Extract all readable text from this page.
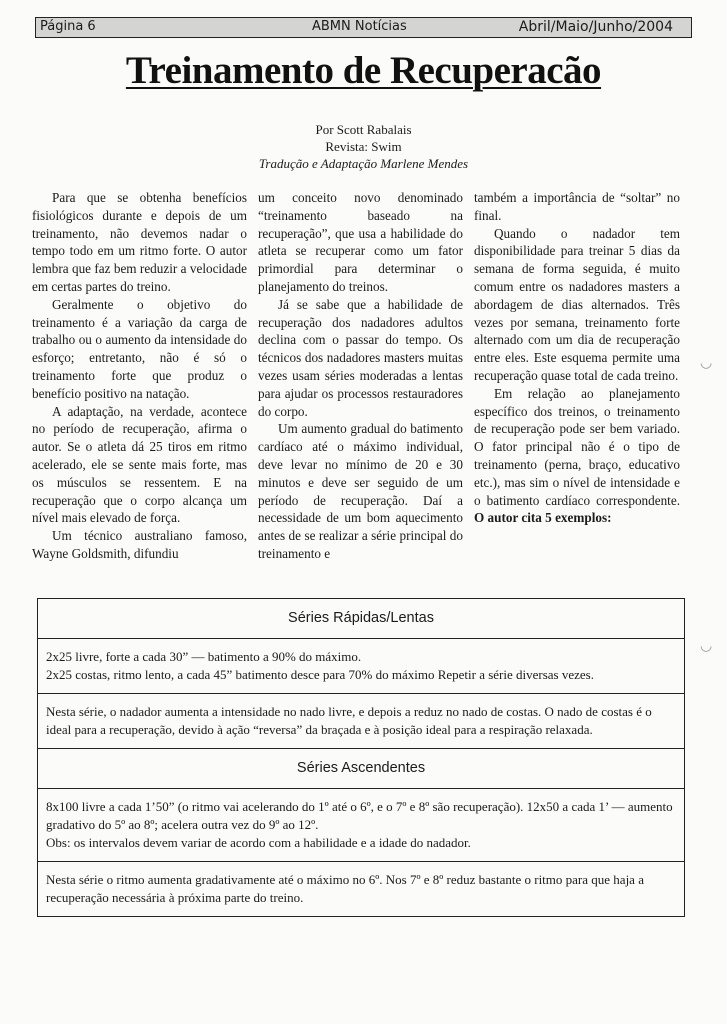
Página 6	ABMN Notícias	Abril/Maio/Junho/2004
Treinamento de Recuperacão
Por Scott Rabalais
Revista: Swim
Tradução e Adaptação Marlene Mendes

Para que se obtenha benefícios fisiológicos durante e depois de um treinamento, não devemos nadar o tempo todo em um ritmo forte. O autor lembra que faz bem reduzir a velocidade em certas partes do treino.

Geralmente o objetivo do treinamento é a variação da carga de trabalho ou o aumento da intensidade do esforço; entretanto, não é só o treinamento forte que produz o benefício positivo na natação.

A adaptação, na verdade, acontece no período de recuperação, afirma o autor. Se o atleta dá 25 tiros em ritmo acelerado, ele se sente mais forte, mas os músculos se ressentem. E na recuperação que o corpo alcança um nível mais elevado de força.

Um técnico australiano famoso, Wayne Goldsmith, difundiu

um conceito novo denominado “treinamento baseado na recuperação”, que usa a habilidade do atleta se recuperar como um fator primordial para determinar o planejamento do treinos.

Já se sabe que a habilidade de recuperação dos nadadores adultos declina com o passar do tempo. Os técnicos dos nadadores masters muitas vezes usam séries moderadas a lentas para ajudar os processos restauradores do corpo.

Um aumento gradual do batimento cardíaco até o máximo individual, deve levar no mínimo de 20 e 30 minutos e deve ser seguido de um período de recuperação. Daí a necessidade de um bom aquecimento antes de se realizar a série principal do treinamento e

também a importância de “soltar” no final.

Quando o nadador tem disponibilidade para treinar 5 dias da semana de forma seguida, é muito comum entre os nadadores masters a abordagem de dias alternados. Três vezes por semana, treinamento forte alternado com um dia de recuperação entre eles. Este esquema permite uma recuperação quase total de cada treino.

Em relação ao planejamento específico dos treinos, o treinamento de recuperação pode ser bem variado. O fator principal não é o tipo de treinamento (perna, braço, educativo etc.), mas sim o nível de intensidade e o batimento cardíaco correspondente. O autor cita 5 exemplos:

Séries Rápidas/Lentas
2x25 livre, forte a cada 30” — batimento a 90% do máximo.
2x25 costas, ritmo lento, a cada 45” batimento desce para 70% do máximo Repetir a série diversas vezes.
Nesta série, o nadador aumenta a intensidade no nado livre, e depois a reduz no nado de costas. O nado de costas é o ideal para a recuperação, devido à ação “reversa” da braçada e à posição ideal para a respiração relaxada.
Séries Ascendentes
8x100 livre a cada 1’50” (o ritmo vai acelerando do 1º até o 6º, e o 7º e 8º são recuperação). 12x50 a cada 1’ — aumento gradativo do 5º ao 8º; acelera outra vez do 9º ao 12º.
Obs: os intervalos devem variar de acordo com a habilidade e a idade do nadador.
Nesta série o ritmo aumenta gradativamente até o máximo no 6º. Nos 7º e 8º reduz bastante o ritmo para que haja a recuperação necessária à próxima parte do treino.
◡
◡
